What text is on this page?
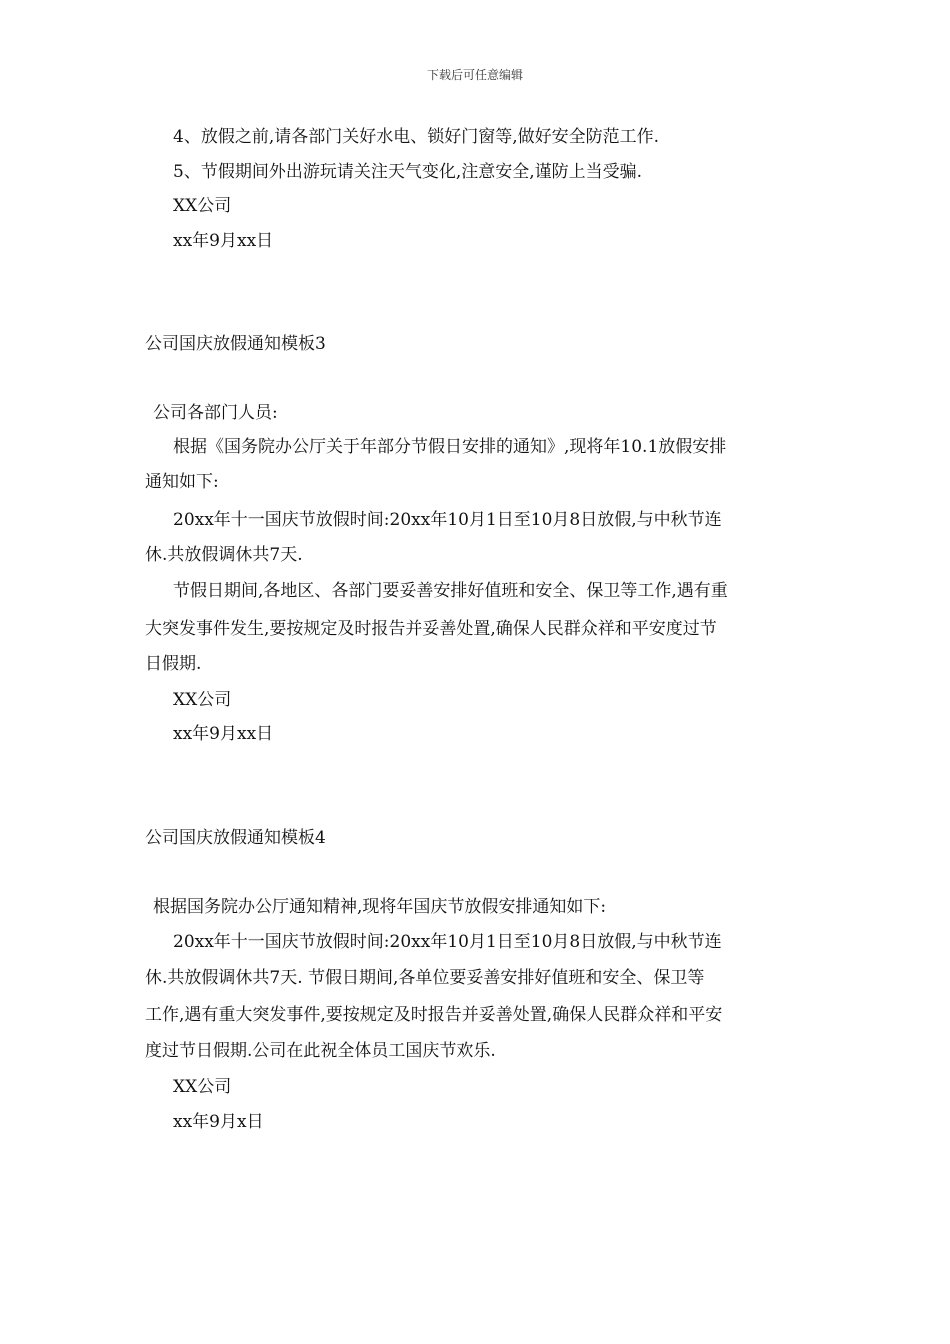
下载后可任意编辑
4、放假之前,请各部门关好水电、锁好门窗等,做好安全防范工作.
5、节假期间外出游玩请关注天气变化,注意安全,谨防上当受骗.
XX公司
xx年9月xx日
公司国庆放假通知模板3
公司各部门人员:
根据《国务院办公厅关于年部分节假日安排的通知》,现将年10.1放假安排
通知如下:
20xx年十一国庆节放假时间:20xx年10月1日至10月8日放假,与中秋节连
休.共放假调休共7天.
节假日期间,各地区、各部门要妥善安排好值班和安全、保卫等工作,遇有重
大突发事件发生,要按规定及时报告并妥善处置,确保人民群众祥和平安度过节
日假期.
XX公司
xx年9月xx日
公司国庆放假通知模板4
根据国务院办公厅通知精神,现将年国庆节放假安排通知如下:
20xx年十一国庆节放假时间:20xx年10月1日至10月8日放假,与中秋节连
休.共放假调休共7天. 节假日期间,各单位要妥善安排好值班和安全、保卫等
工作,遇有重大突发事件,要按规定及时报告并妥善处置,确保人民群众祥和平安
度过节日假期.公司在此祝全体员工国庆节欢乐.
XX公司
xx年9月x日
